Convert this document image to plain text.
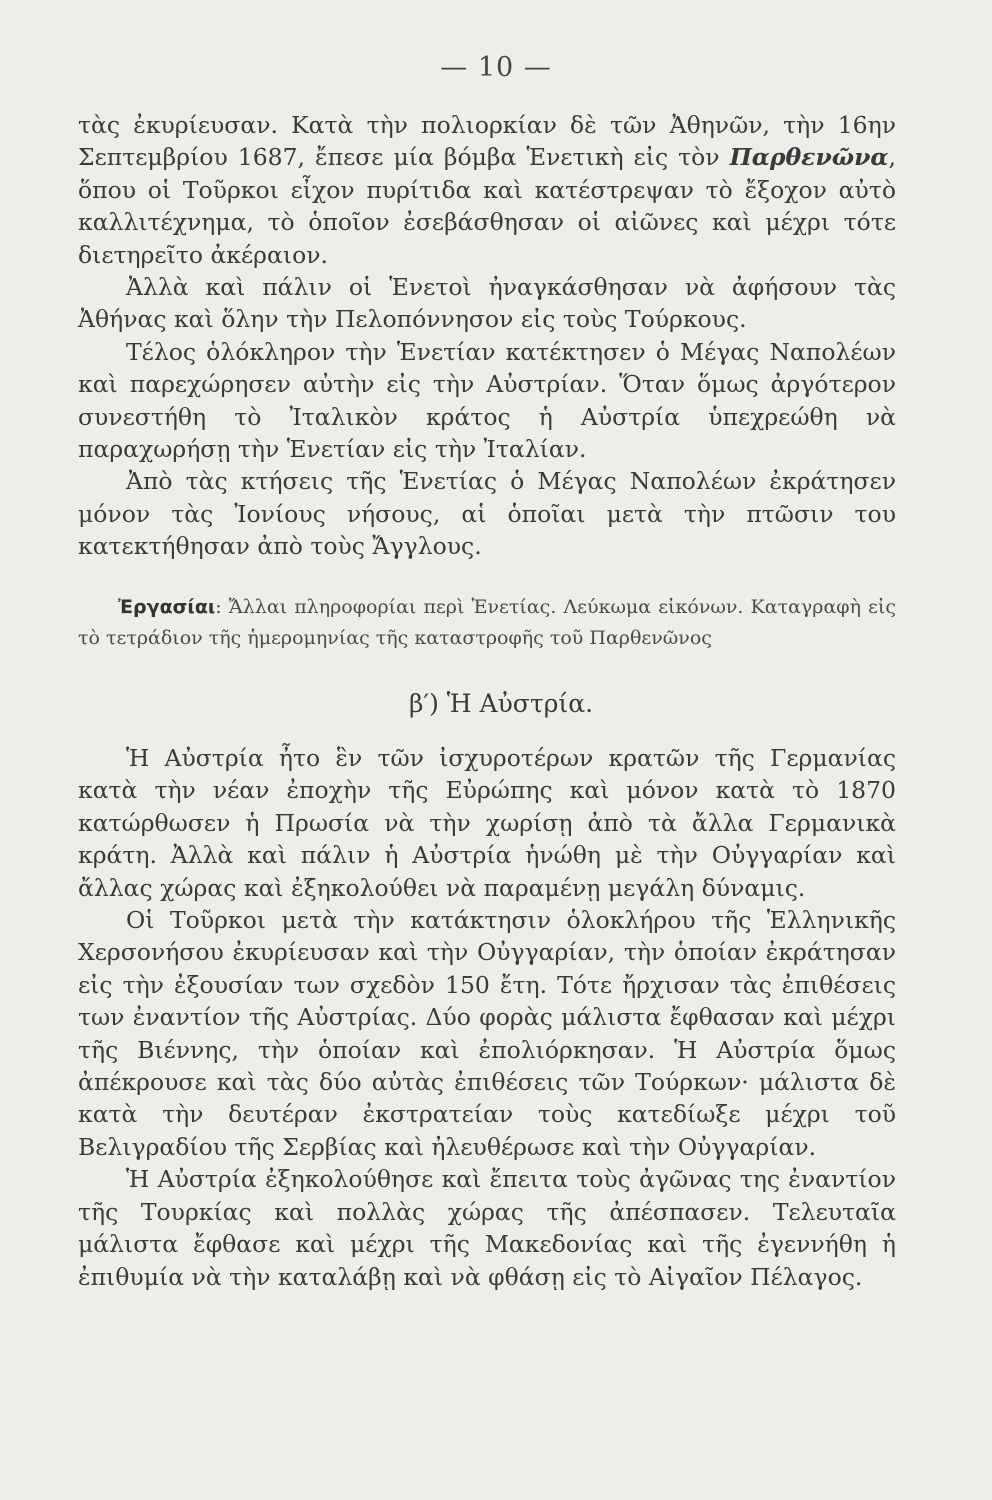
— 10 —

τὰς ἐκυρίευσαν. Κατὰ τὴν πολιορκίαν δὲ τῶν Ἀθηνῶν, τὴν 16ην Σεπτεμβρίου 1687, ἔπεσε μία βόμβα Ἑνετικὴ εἰς τὸν Παρθενῶνα, ὅπου οἱ Τοῦρκοι εἶχον πυρίτιδα καὶ κατέστρεψαν τὸ ἔξοχον αὐτὸ καλλιτέχνημα, τὸ ὁποῖον ἐσεβάσθησαν οἱ αἰῶνες καὶ μέχρι τότε διετηρεῖτο ἀκέραιον.

Ἀλλὰ καὶ πάλιν οἱ Ἑνετοὶ ἠναγκάσθησαν νὰ ἀφήσουν τὰς Ἀθήνας καὶ ὅλην τὴν Πελοπόννησον εἰς τοὺς Τούρκους.

Τέλος ὁλόκληρον τὴν Ἑνετίαν κατέκτησεν ὁ Μέγας Ναπολέων καὶ παρεχώρησεν αὐτὴν εἰς τὴν Αὐστρίαν. Ὅταν ὅμως ἀργότερον συνεστήθη τὸ Ἰταλικὸν κράτος ἡ Αὐστρία ὑπεχρεώθη νὰ παραχωρήσῃ τὴν Ἑνετίαν εἰς τὴν Ἰταλίαν.

Ἀπὸ τὰς κτήσεις τῆς Ἑνετίας ὁ Μέγας Ναπολέων ἐκράτησεν μόνον τὰς Ἰονίους νήσους, αἱ ὁποῖαι μετὰ τὴν πτῶσιν του κατεκτήθησαν ἀπὸ τοὺς Ἄγγλους.

Ἐργασίαι: Ἄλλαι πληροφορίαι περὶ Ἑνετίας. Λεύκωμα εἰκόνων. Καταγραφὴ εἰς τὸ τετράδιον τῆς ἡμερομηνίας τῆς καταστροφῆς τοῦ Παρθενῶνος
β′) Ἡ Αὐστρία.

Ἡ Αὐστρία ἦτο ἓν τῶν ἰσχυροτέρων κρατῶν τῆς Γερμανίας κατὰ τὴν νέαν ἐποχὴν τῆς Εὐρώπης καὶ μόνον κατὰ τὸ 1870 κατώρθωσεν ἡ Πρωσία νὰ τὴν χωρίσῃ ἀπὸ τὰ ἄλλα Γερμανικὰ κράτη. Ἀλλὰ καὶ πάλιν ἡ Αὐστρία ἡνώθη μὲ τὴν Οὐγγαρίαν καὶ ἄλλας χώρας καὶ ἐξηκολούθει νὰ παραμένῃ μεγάλη δύναμις.

Οἱ Τοῦρκοι μετὰ τὴν κατάκτησιν ὁλοκλήρου τῆς Ἑλληνικῆς Χερσονήσου ἐκυρίευσαν καὶ τὴν Οὐγγαρίαν, τὴν ὁποίαν ἐκράτησαν εἰς τὴν ἐξουσίαν των σχεδὸν 150 ἔτη. Τότε ἤρχισαν τὰς ἐπιθέσεις των ἐναντίον τῆς Αὐστρίας. Δύο φορὰς μάλιστα ἔφθασαν καὶ μέχρι τῆς Βιέννης, τὴν ὁποίαν καὶ ἐπολιόρκησαν. Ἡ Αὐστρία ὅμως ἀπέκρουσε καὶ τὰς δύο αὐτὰς ἐπιθέσεις τῶν Τούρκων· μάλιστα δὲ κατὰ τὴν δευτέραν ἐκστρατείαν τοὺς κατεδίωξε μέχρι τοῦ Βελιγραδίου τῆς Σερβίας καὶ ἠλευθέρωσε καὶ τὴν Οὐγγαρίαν.

Ἡ Αὐστρία ἐξηκολούθησε καὶ ἔπειτα τοὺς ἀγῶνας της ἐναντίον τῆς Τουρκίας καὶ πολλὰς χώρας τῆς ἀπέσπασεν. Τελευταῖα μάλιστα ἔφθασε καὶ μέχρι τῆς Μακεδονίας καὶ τῆς ἐγεννήθη ἡ ἐπιθυμία νὰ τὴν καταλάβῃ καὶ νὰ φθάσῃ εἰς τὸ Αἰγαῖον Πέλαγος.
